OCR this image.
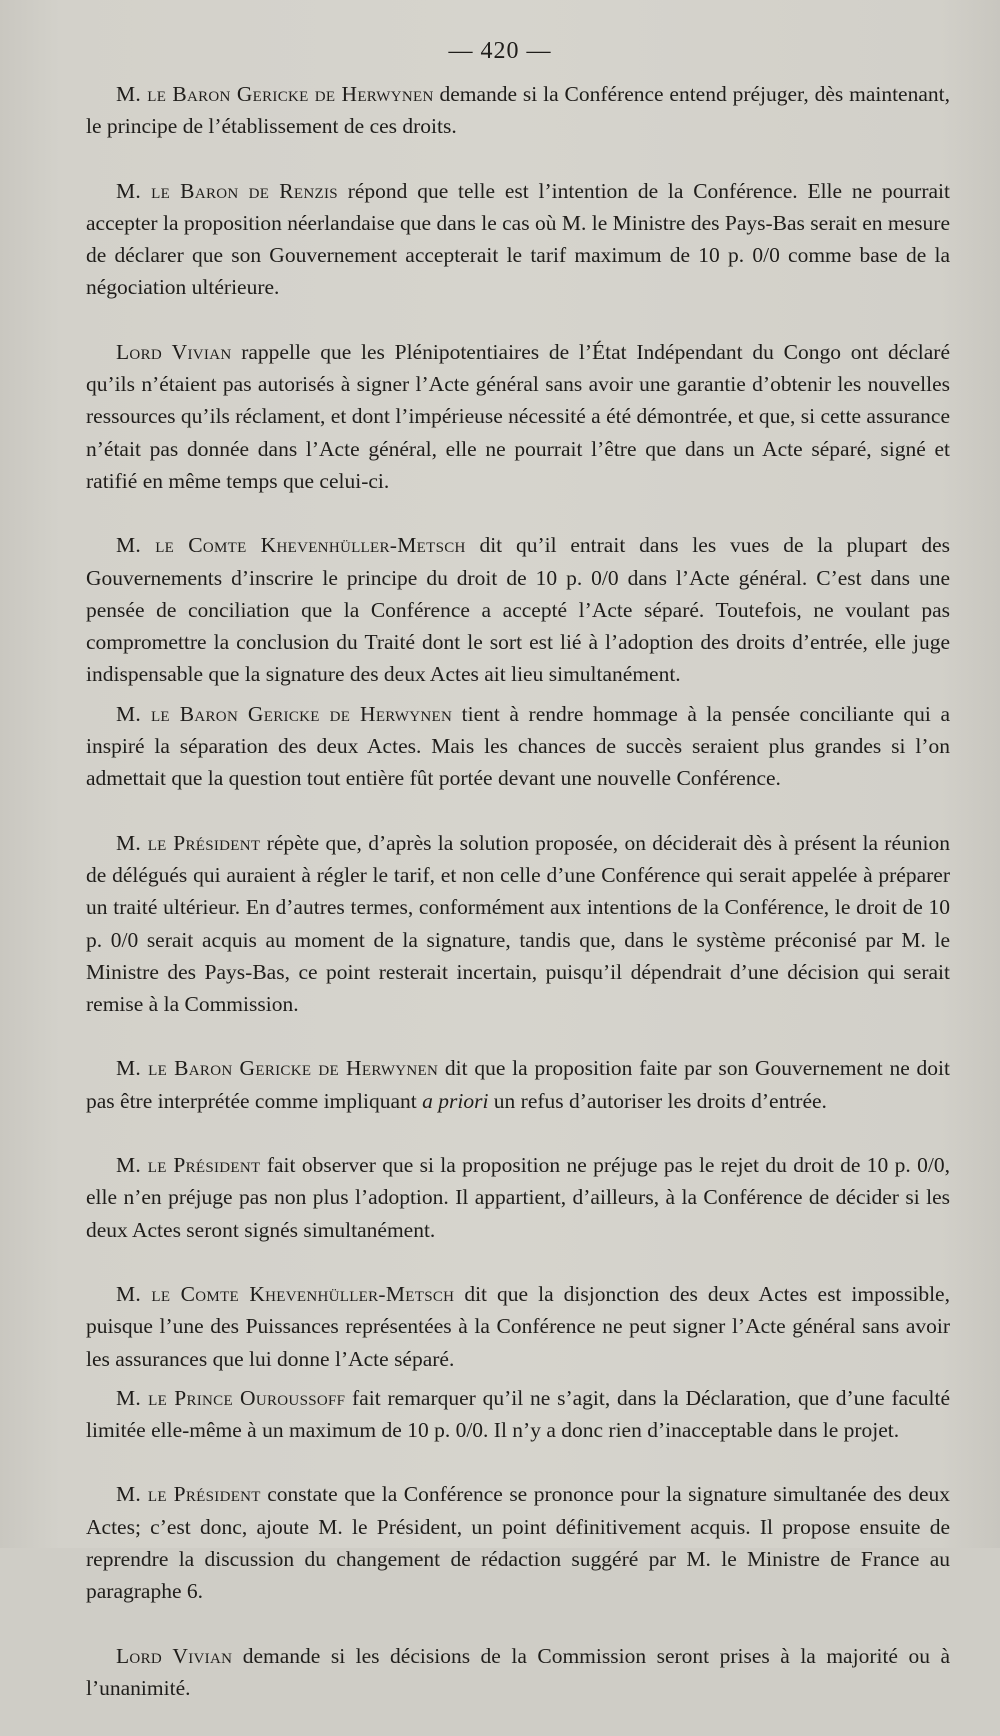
— 420 —

M. le Baron Gericke de Herwynen demande si la Conférence entend préjuger, dès maintenant, le principe de l’établissement de ces droits.

M. le Baron de Renzis répond que telle est l’intention de la Conférence. Elle ne pourrait accepter la proposition néerlandaise que dans le cas où M. le Ministre des Pays-Bas serait en mesure de déclarer que son Gouvernement accepterait le tarif maximum de 10 p. 0/0 comme base de la négociation ultérieure.

Lord Vivian rappelle que les Plénipotentiaires de l’État Indépendant du Congo ont déclaré qu’ils n’étaient pas autorisés à signer l’Acte général sans avoir une garantie d’obtenir les nouvelles ressources qu’ils réclament, et dont l’impérieuse nécessité a été démontrée, et que, si cette assurance n’était pas donnée dans l’Acte général, elle ne pourrait l’être que dans un Acte séparé, signé et ratifié en même temps que celui-ci.

M. le Comte Khevenhüller-Metsch dit qu’il entrait dans les vues de la plupart des Gouvernements d’inscrire le principe du droit de 10 p. 0/0 dans l’Acte général. C’est dans une pensée de conciliation que la Conférence a accepté l’Acte séparé. Toutefois, ne voulant pas compromettre la conclusion du Traité dont le sort est lié à l’adoption des droits d’entrée, elle juge indispensable que la signature des deux Actes ait lieu simultanément.

M. le Baron Gericke de Herwynen tient à rendre hommage à la pensée conciliante qui a inspiré la séparation des deux Actes. Mais les chances de succès seraient plus grandes si l’on admettait que la question tout entière fût portée devant une nouvelle Conférence.

M. le Président répète que, d’après la solution proposée, on déciderait dès à présent la réunion de délégués qui auraient à régler le tarif, et non celle d’une Conférence qui serait appelée à préparer un traité ultérieur. En d’autres termes, conformément aux intentions de la Conférence, le droit de 10 p. 0/0 serait acquis au moment de la signature, tandis que, dans le système préconisé par M. le Ministre des Pays-Bas, ce point resterait incertain, puisqu’il dépendrait d’une décision qui serait remise à la Commission.

M. le Baron Gericke de Herwynen dit que la proposition faite par son Gouvernement ne doit pas être interprétée comme impliquant a priori un refus d’autoriser les droits d’entrée.

M. le Président fait observer que si la proposition ne préjuge pas le rejet du droit de 10 p. 0/0, elle n’en préjuge pas non plus l’adoption. Il appartient, d’ailleurs, à la Conférence de décider si les deux Actes seront signés simultanément.

M. le Comte Khevenhüller-Metsch dit que la disjonction des deux Actes est impossible, puisque l’une des Puissances représentées à la Conférence ne peut signer l’Acte général sans avoir les assurances que lui donne l’Acte séparé.

M. le Prince Ouroussoff fait remarquer qu’il ne s’agit, dans la Déclaration, que d’une faculté limitée elle-même à un maximum de 10 p. 0/0. Il n’y a donc rien d’inacceptable dans le projet.

M. le Président constate que la Conférence se prononce pour la signature simultanée des deux Actes; c’est donc, ajoute M. le Président, un point définitivement acquis. Il propose ensuite de reprendre la discussion du changement de rédaction suggéré par M. le Ministre de France au paragraphe 6.

Lord Vivian demande si les décisions de la Commission seront prises à la majorité ou à l’unanimité.
